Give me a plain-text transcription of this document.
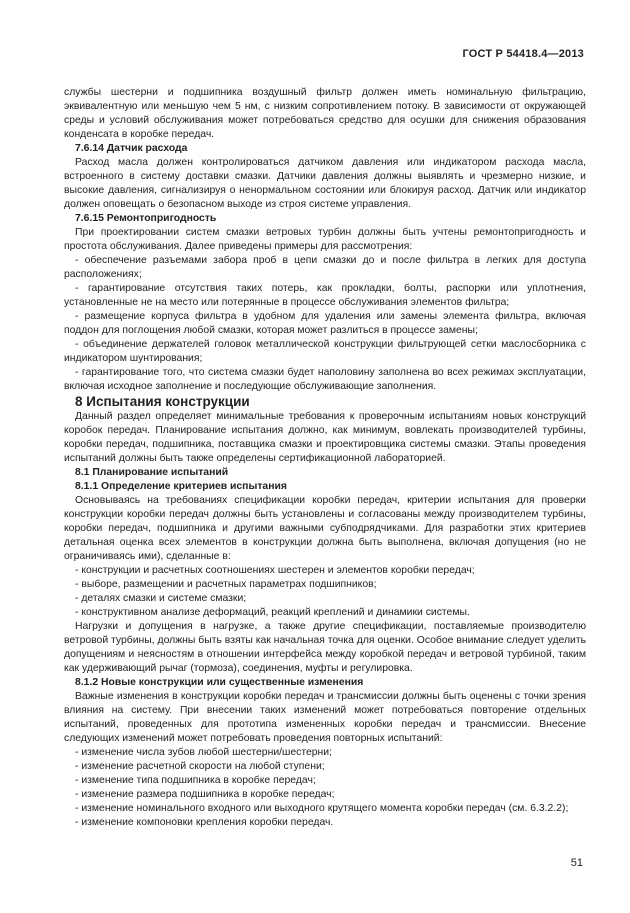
ГОСТ Р 54418.4—2013

службы шестерни и подшипника воздушный фильтр должен иметь номинальную фильтрацию, эквивалентную или меньшую чем 5 нм, с низким сопротивлением потоку. В зависимости от окружающей среды и условий обслуживания может потребоваться средство для осушки для снижения образования конденсата в коробке передач.

7.6.14 Датчик расхода

Расход масла должен контролироваться датчиком давления или индикатором расхода масла, встроенного в систему доставки смазки. Датчики давления должны выявлять и чрезмерно низкие, и высокие давления, сигнализируя о ненормальном состоянии или блокируя расход. Датчик или индикатор должен оповещать о безопасном выходе из строя системе управления.

7.6.15 Ремонтопригодность

При проектировании систем смазки ветровых турбин должны быть учтены ремонтопригодность и простота обслуживания. Далее приведены примеры для рассмотрения:

- обеспечение разъемами забора проб в цепи смазки до и после фильтра в легких для доступа расположениях;

- гарантирование отсутствия таких потерь, как прокладки, болты, распорки или уплотнения, установленные не на место или потерянные в процессе обслуживания элементов фильтра;

- размещение корпуса фильтра в удобном для удаления или замены элемента фильтра, включая поддон для поглощения любой смазки, которая может разлиться в процессе замены;

- объединение держателей головок металлической конструкции фильтрующей сетки маслосборника с индикатором шунтирования;

- гарантирование того, что система смазки будет наполовину заполнена во всех режимах эксплуатации, включая исходное заполнение и последующие обслуживающие заполнения.

8 Испытания конструкции

Данный раздел определяет минимальные требования к проверочным испытаниям новых конструкций коробок передач. Планирование испытания должно, как минимум, вовлекать производителей турбины, коробки передач, подшипника, поставщика смазки и проектировщика системы смазки. Этапы проведения испытаний должны быть также определены сертификационной лабораторией.

8.1 Планирование испытаний

8.1.1 Определение критериев испытания

Основываясь на требованиях спецификации коробки передач, критерии испытания для проверки конструкции коробки передач должны быть установлены и согласованы между производителем турбины, коробки передач, подшипника и другими важными субподрядчиками. Для разработки этих критериев детальная оценка всех элементов в конструкции должна быть выполнена, включая допущения (но не ограничиваясь ими), сделанные в:

- конструкции и расчетных соотношениях шестерен и элементов коробки передач;

- выборе, размещении и расчетных параметрах подшипников;

- деталях смазки и системе смазки;

- конструктивном анализе деформаций, реакций креплений и динамики системы.

Нагрузки и допущения в нагрузке, а также другие спецификации, поставляемые производителю ветровой турбины, должны быть взяты как начальная точка для оценки. Особое внимание следует уделить допущениям и неясностям в отношении интерфейса между коробкой передач и ветровой турбиной, таким как удерживающий рычаг (тормоза), соединения, муфты и регулировка.

8.1.2 Новые конструкции или существенные изменения

Важные изменения в конструкции коробки передач и трансмиссии должны быть оценены с точки зрения влияния на систему. При внесении таких изменений может потребоваться повторение отдельных испытаний, проведенных для прототипа измененных коробки передач и трансмиссии. Внесение следующих изменений может потребовать проведения повторных испытаний:

- изменение числа зубов любой шестерни/шестерни;

- изменение расчетной скорости на любой ступени;

- изменение типа подшипника в коробке передач;

- изменение размера подшипника в коробке передач;

- изменение номинального входного или выходного крутящего момента коробки передач (см. 6.3.2.2);

- изменение компоновки крепления коробки передач.

51
